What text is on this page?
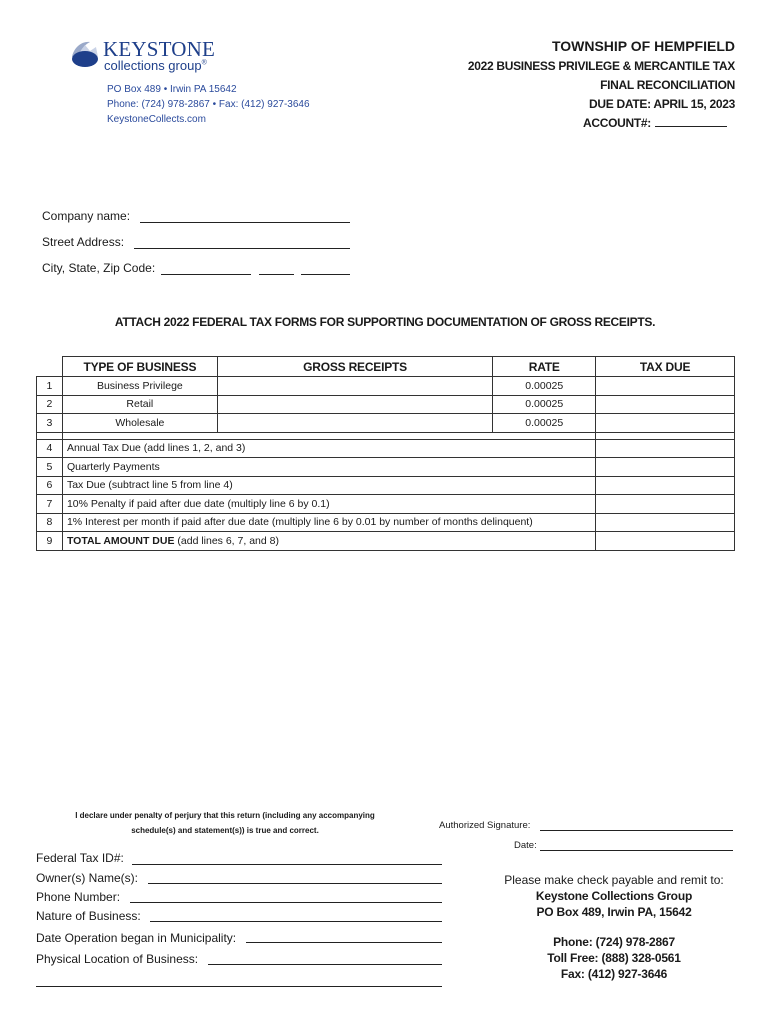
KEYSTONE
collections group®
PO Box 489 • Irwin PA 15642
Phone: (724) 978-2867 • Fax: (412) 927-3646
KeystoneCollects.com
TOWNSHIP OF HEMPFIELD
2022 BUSINESS PRIVILEGE & MERCANTILE TAX
FINAL RECONCILIATION
DUE DATE: APRIL 15, 2023
ACCOUNT#:
Company name:
Street Address:
City, State, Zip Code:
ATTACH 2022 FEDERAL TAX FORMS FOR SUPPORTING DOCUMENTATION OF GROSS RECEIPTS.
	TYPE OF BUSINESS	GROSS RECEIPTS	RATE	TAX DUE
1	Business Privilege		0.00025	
2	Retail		0.00025	
3	Wholesale		0.00025	

4	Annual Tax Due (add lines 1, 2, and 3)			
5	Quarterly Payments			
6	Tax Due (subtract line 5 from line 4)			
7	10% Penalty if paid after due date (multiply line 6 by 0.1)			
8	1% Interest per month if paid after due date (multiply line 6 by 0.01 by number of months delinquent)			
9	TOTAL AMOUNT DUE (add lines 6, 7, and 8)			
I declare under penalty of perjury that this return (including any accompanying
schedule(s) and statement(s)) is true and correct.	Authorized Signature:
Date:
Federal Tax ID#:
Owner(s) Name(s):
Phone Number:
Nature of Business:
Date Operation began in Municipality:
Physical Location of Business:
Please make check payable and remit to:
Keystone Collections Group
PO Box 489, Irwin PA, 15642
Phone: (724) 978-2867
Toll Free: (888) 328-0561
Fax: (412) 927-3646
